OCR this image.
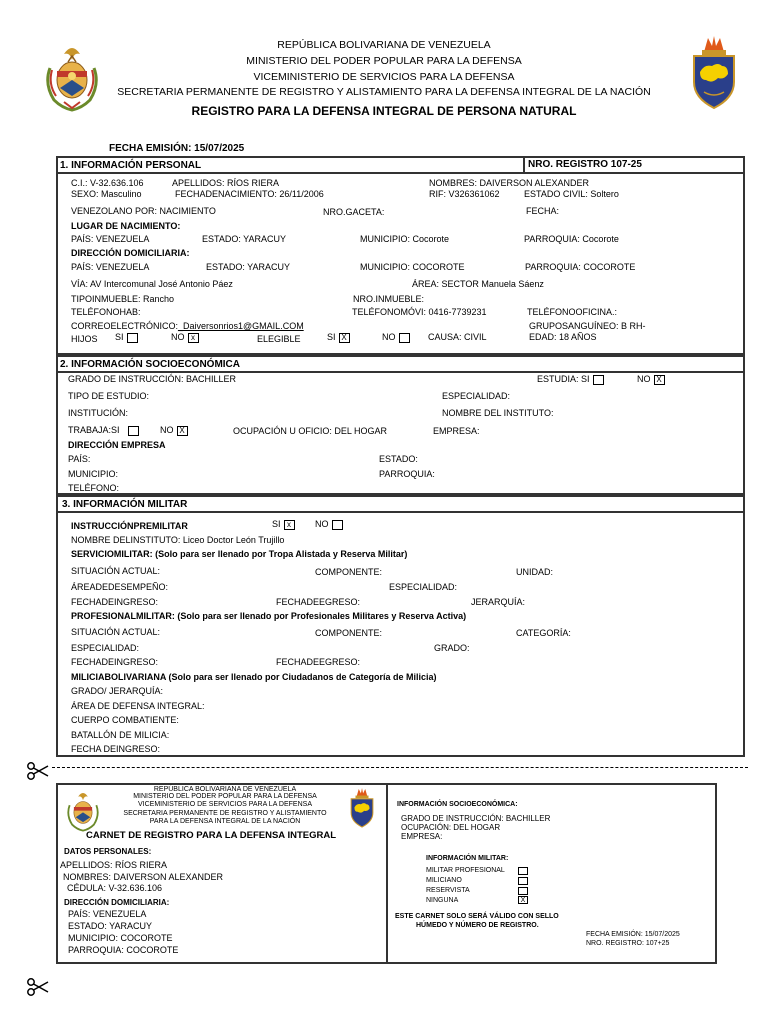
REPÚBLICA BOLIVARIANA DE VENEZUELA
MINISTERIO DEL PODER POPULAR PARA LA DEFENSA
VICEMINISTERIO DE SERVICIOS PARA LA DEFENSA
SECRETARIA PERMANENTE DE REGISTRO Y ALISTAMIENTO PARA LA DEFENSA INTEGRAL DE LA NACIÓN
REGISTRO PARA LA DEFENSA INTEGRAL DE PERSONA NATURAL
FECHA EMISIÓN: 15/07/2025
1. INFORMACIÓN PERSONAL	NRO. REGISTRO 107-25
C.I.: V-32.636.106	APELLIDOS: RÍOS RIERA	NOMBRES: DAIVERSON ALEXANDER
SEXO: Masculino	FECHADENACIMIENTO: 26/11/2006	RIF: V326361062	ESTADO CIVIL: Soltero
VENEZOLANO POR: NACIMIENTO	NRO.GACETA:	FECHA:
LUGAR DE NACIMIENTO:
PAÍS: VENEZUELA	ESTADO: YARACUY	MUNICIPIO: Cocorote	PARROQUIA: Cocorote
DIRECCIÓN DOMICILIARIA:
PAÍS: VENEZUELA	ESTADO: YARACUY	MUNICIPIO: COCOROTE	PARROQUIA: COCOROTE
VÍA: AV Intercomunal José Antonio Páez	ÁREA: SECTOR Manuela Sáenz
TIPOINMUEBLE: Rancho	NRO.INMUEBLE:
TELÉFONOHAB:	TELÉFONOMÓVI: 0416-7739231	TELÉFONOOFICINA.:
CORREOELECTRÓNICO:_Daiversonrios1@GMAIL.COM	GRUPOSANGUÍNEO: B RH-
HIJOS SI	NO x	ELEGIBLE	SI X	NO	CAUSA: CIVIL	EDAD: 18 AÑOS
2. INFORMACIÓN SOCIOECONÓMICA
GRADO DE INSTRUCCIÓN: BACHILLER	ESTUDIA: SI	NO X
TIPO DE ESTUDIO:	ESPECIALIDAD:
INSTITUCIÓN:	NOMBRE DEL INSTITUTO:
TRABAJA:SI	NO X	OCUPACIÓN U OFICIO: DEL HOGAR	EMPRESA:
DIRECCIÓN EMPRESA
PAÍS:	ESTADO:
MUNICIPIO:	PARROQUIA:
TELÉFONO:
3. INFORMACIÓN MILITAR
INSTRUCCIÓNPREMILITAR	SI x	NO
NOMBRE DELINSTITUTO: Liceo Doctor León Trujillo
SERVICIOMILITAR: (Solo para ser llenado por Tropa Alistada y Reserva Militar)
SITUACIÓN ACTUAL:	COMPONENTE:	UNIDAD:
ÁREADEDESEMPEÑO:	ESPECIALIDAD:
FECHADEINGRESO:	FECHADEEGRESO:	JERARQUÍA:
PROFESIONALMILITAR: (Solo para ser llenado por Profesionales Militares y Reserva Activa)
SITUACIÓN ACTUAL:	COMPONENTE:	CATEGORÍA:
ESPECIALIDAD:	GRADO:
FECHADEINGRESO:	FECHADEEGRESO:
MILICIABOLIVARIANA (Solo para ser llenado por Ciudadanos de Categoría de Milicia)
GRADO/ JERARQUÍA:
ÁREA DE DEFENSA INTEGRAL:
CUERPO COMBATIENTE:
BATALLÓN DE MILICIA:
FECHA DEINGRESO:
REPÚBLICA BOLIVARIANA DE VENEZUELA
MINISTERIO DEL PODER POPULAR PARA LA DEFENSA
VICEMINISTERIO DE SERVICIOS PARA LA DEFENSA
SECRETARIA PERMANENTE DE REGISTRO Y ALISTAMIENTO
PARA LA DEFENSA INTEGRAL DE LA NACIÓN
CARNET DE REGISTRO PARA LA DEFENSA INTEGRAL
DATOS PERSONALES:
APELLIDOS: RÍOS RIERA
NOMBRES: DAIVERSON ALEXANDER
CÉDULA: V-32.636.106
DIRECCIÓN DOMICILIARIA:
PAÍS: VENEZUELA
ESTADO: YARACUY
MUNICIPIO: COCOROTE
PARROQUIA: COCOROTE
INFORMACIÓN SOCIOECONÓMICA:
GRADO DE INSTRUCCIÓN: BACHILLER
OCUPACIÓN: DEL HOGAR
EMPRESA:
INFORMACIÓN MILITAR:
MILITAR PROFESIONAL
MILICIANO
RESERVISTA
NINGUNA	X
ESTE CARNET SOLO SERÁ VÁLIDO CON SELLO
HÚMEDO Y NÚMERO DE REGISTRO.
FECHA EMISIÓN: 15/07/2025
NRO. REGISTRO: 107+25
